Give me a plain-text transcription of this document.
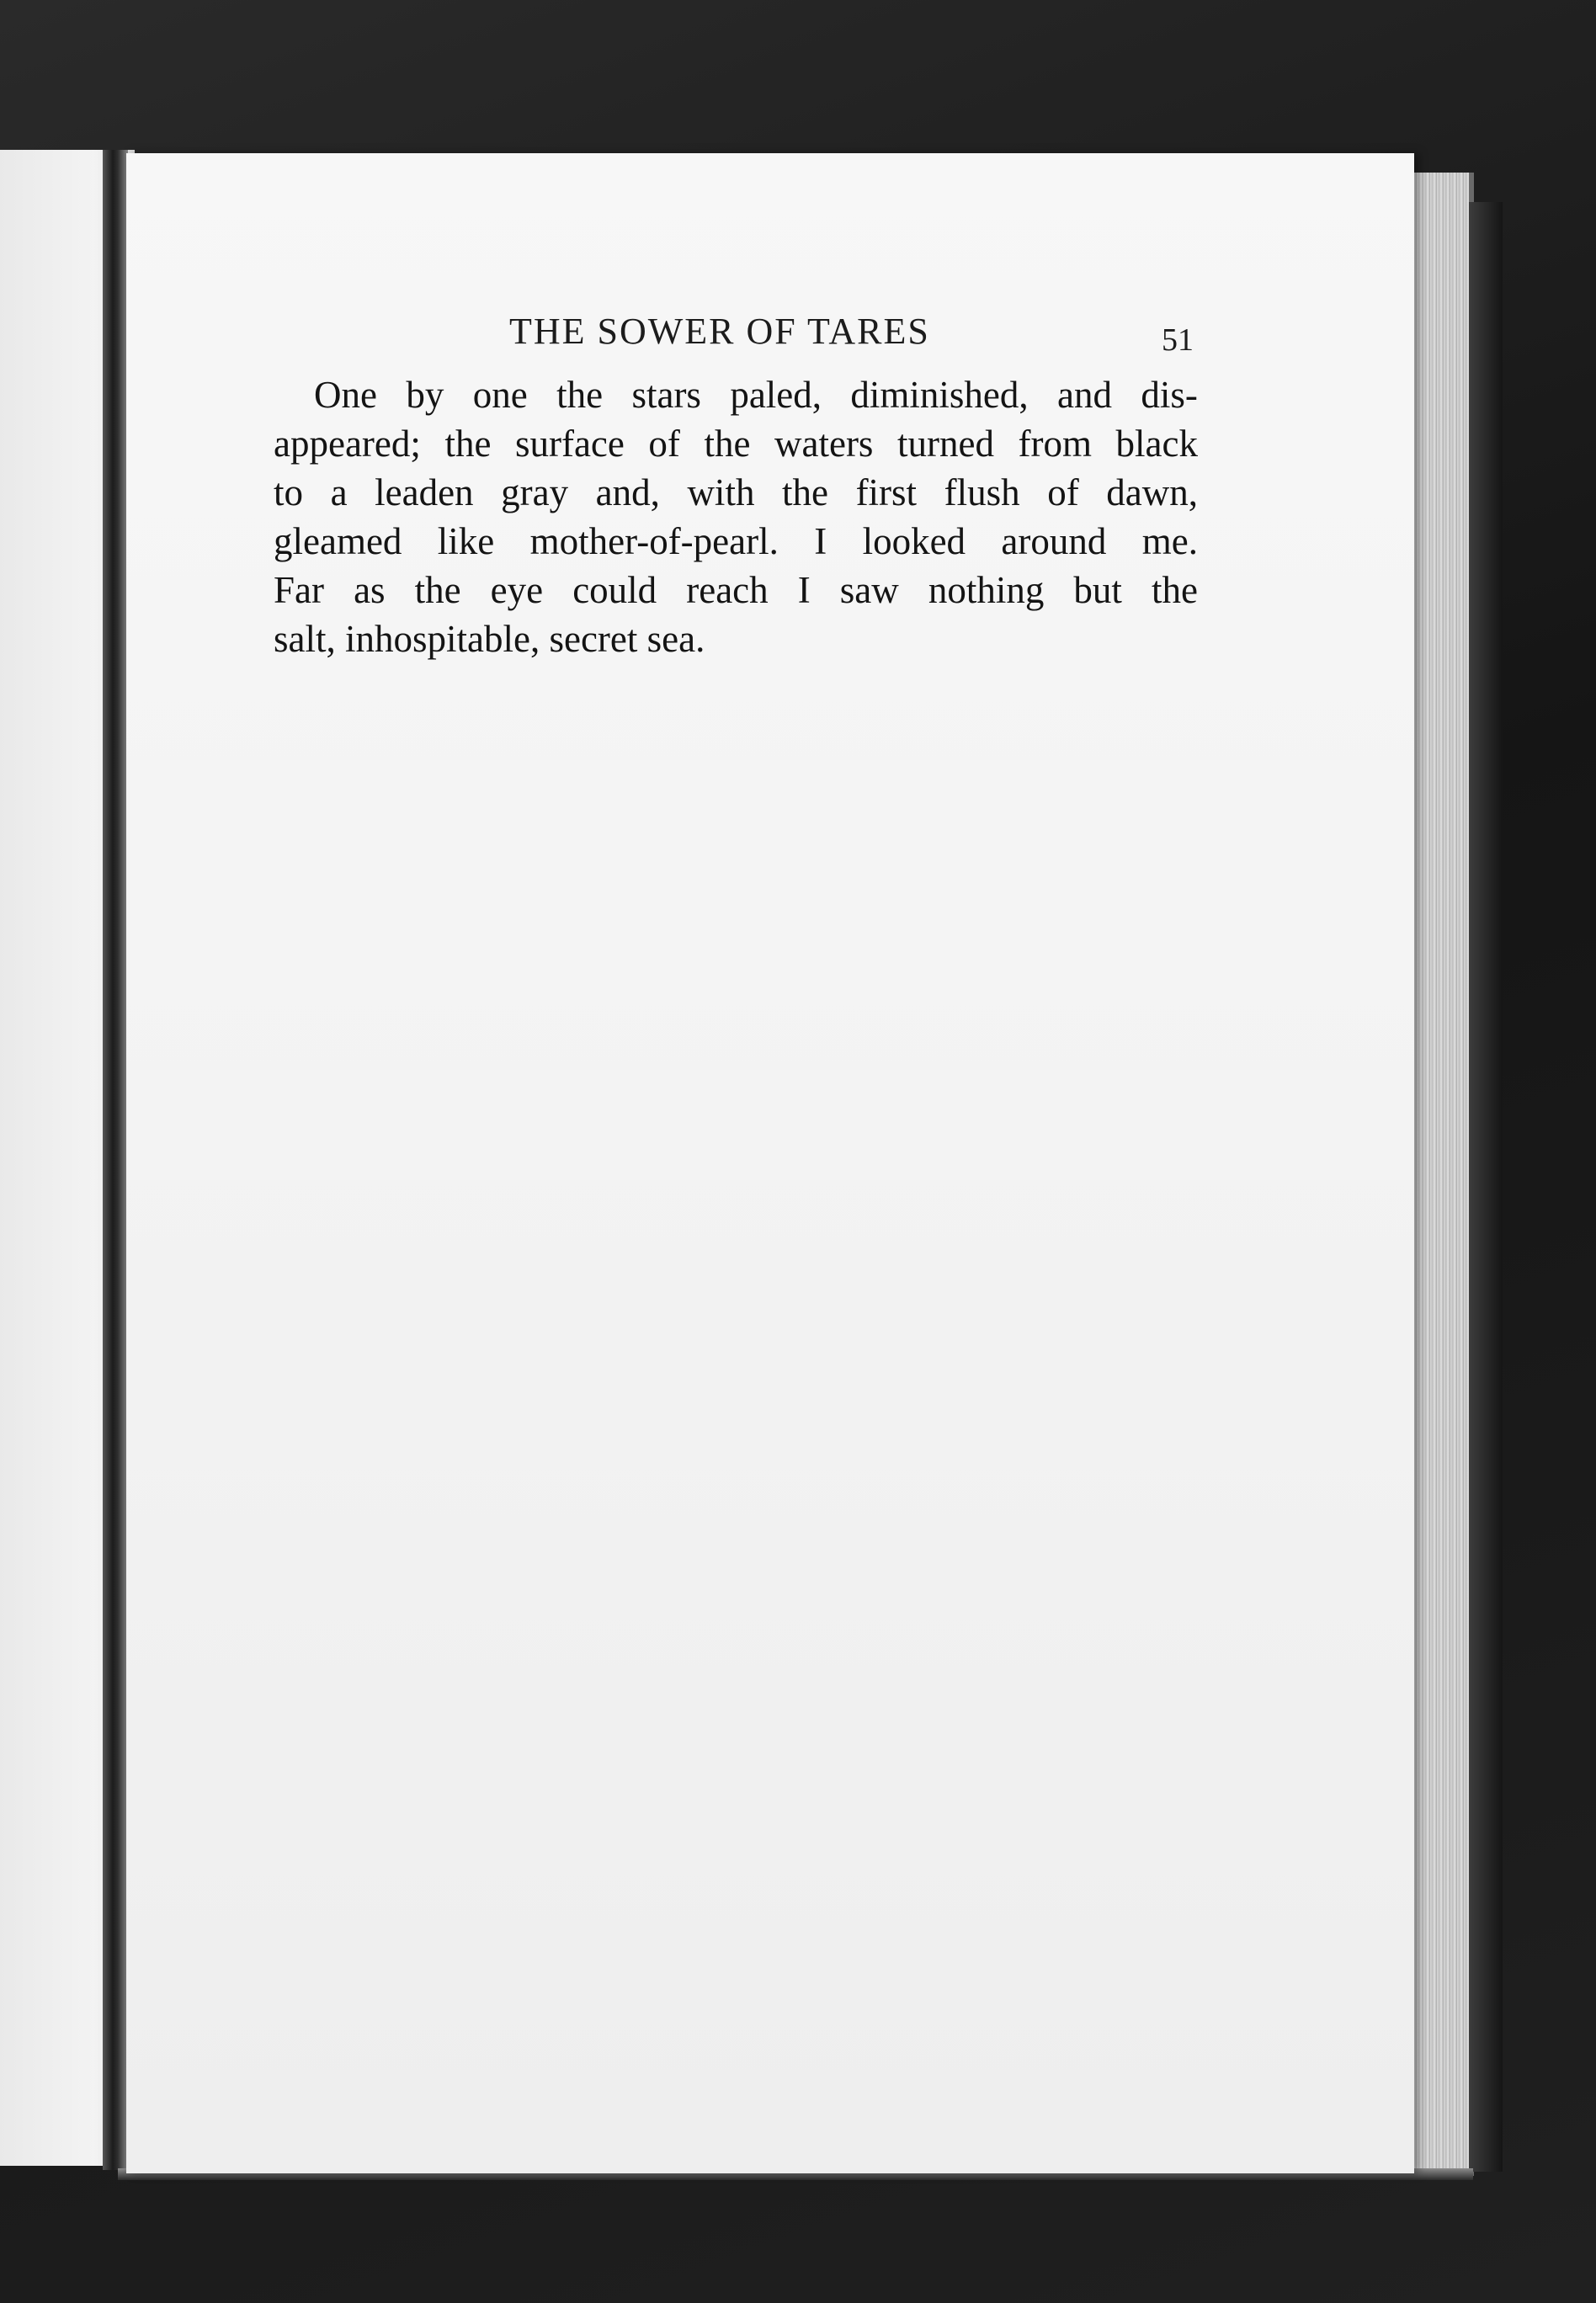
THE SOWER OF TARES	51
One by one the stars paled, diminished, and dis-
appeared; the surface of the waters turned from black
to a leaden gray and, with the first flush of dawn,
gleamed like mother-of-pearl. I looked around me.
Far as the eye could reach I saw nothing but the
salt, inhospitable, secret sea.
